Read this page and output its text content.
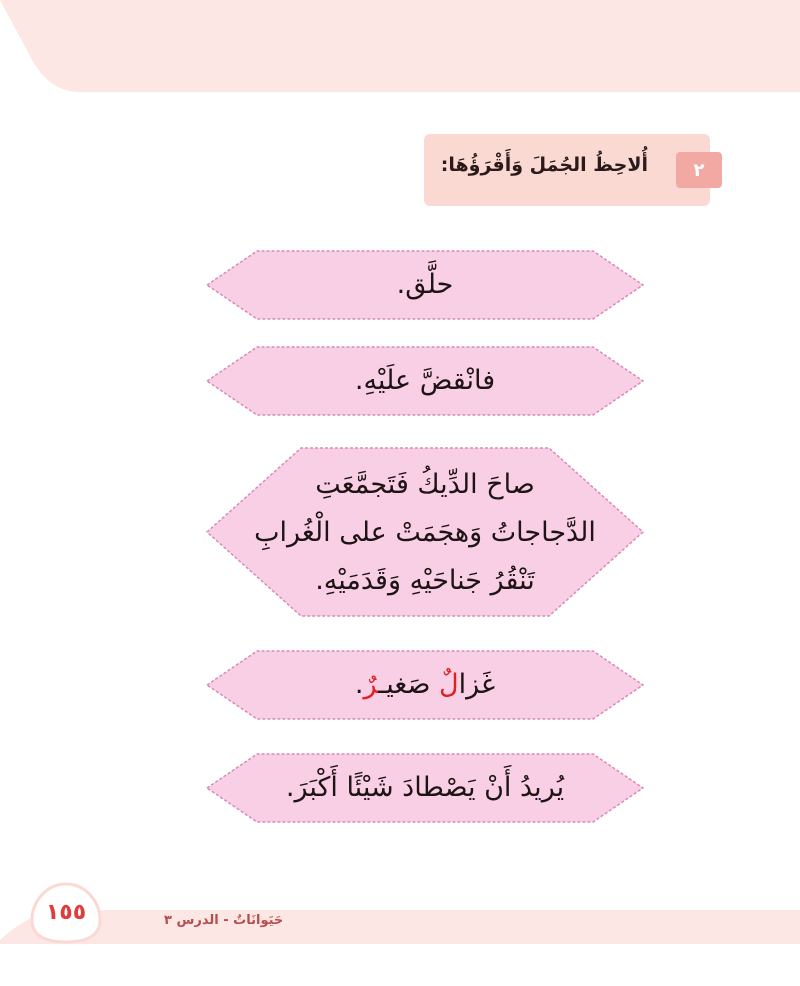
أُلاحِظُ الجُمَلَ وَأَقْرَؤُهَا:	٢
حلَّق.
فانْقضَّ علَيْهِ.
صاحَ الدِّيكُ فَتَجمَّعَتِ
الدَّجاجاتُ وَهجَمَتْ على الْغُرابِ
تَنْقُرُ جَناحَيْهِ وَقَدَمَيْهِ.
غَزالٌ صَغيـرٌ.
يُريدُ أَنْ يَصْطادَ شَيْئًا أَكْبَرَ.
١٥٥	حَيَوانَاتٌ - الدرس ٣
